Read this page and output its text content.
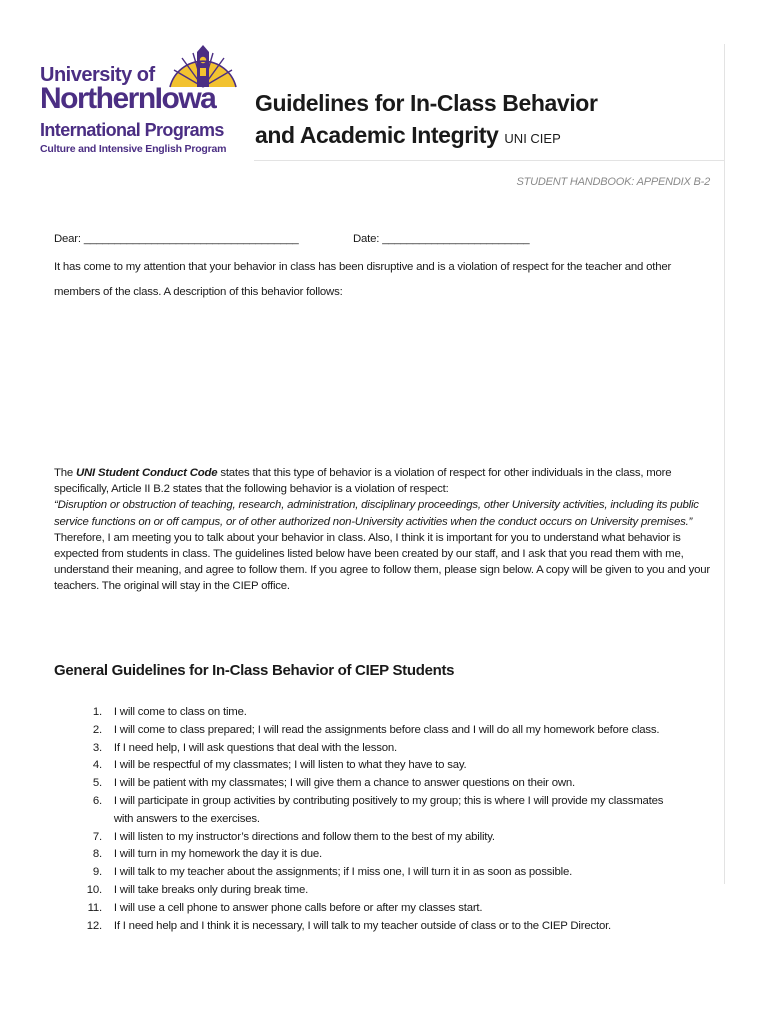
University of
NorthernIowa
International Programs
Culture and Intensive English Program
Guidelines for In-Class Behavior
and Academic Integrity UNI CIEP
STUDENT HANDBOOK: APPENDIX B-2
Dear: ___________________________________	Date: ________________________
It has come to my attention that your behavior in class has been disruptive and is a violation of respect for the teacher and other members of the class. A description of this behavior follows:
The UNI Student Conduct Code states that this type of behavior is a violation of respect for other individuals in the class, more specifically, Article II B.2 states that the following behavior is a violation of respect:
“Disruption or obstruction of teaching, research, administration, disciplinary proceedings, other University activities, including its public service functions on or off campus, or of other authorized non-University activities when the conduct occurs on University premises.”
Therefore, I am meeting you to talk about your behavior in class. Also, I think it is important for you to understand what behavior is expected from students in class. The guidelines listed below have been created by our staff, and I ask that you read them with me, understand their meaning, and agree to follow them. If you agree to follow them, please sign below. A copy will be given to you and your teachers. The original will stay in the CIEP office.
General Guidelines for In-Class Behavior of CIEP Students
1.
I will come to class on time.
2.
I will come to class prepared; I will read the assignments before class and I will do all my homework before class.
3.
If I need help, I will ask questions that deal with the lesson.
4.
I will be respectful of my classmates; I will listen to what they have to say.
5.
I will be patient with my classmates; I will give them a chance to answer questions on their own.
6.
I will participate in group activities by contributing positively to my group; this is where I will provide my classmates with answers to the exercises.
7.
I will listen to my instructor’s directions and follow them to the best of my ability.
8.
I will turn in my homework the day it is due.
9.
I will talk to my teacher about the assignments; if I miss one, I will turn it in as soon as possible.
10.
I will take breaks only during break time.
11.
I will use a cell phone to answer phone calls before or after my classes start.
12.
If I need help and I think it is necessary, I will talk to my teacher outside of class or to the CIEP Director.
